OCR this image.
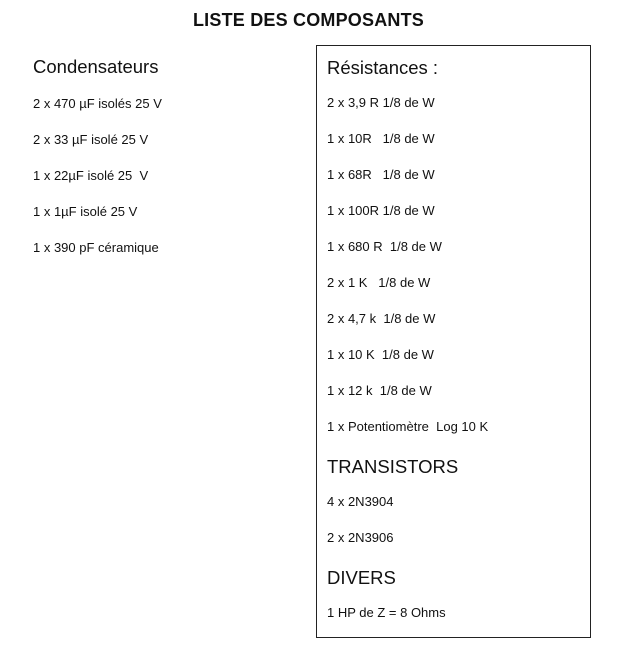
LISTE DES COMPOSANTS
Condensateurs
2 x 470 µF isolés 25 V
2 x 33 µF isolé 25 V
1 x 22µF isolé 25  V
1 x 1µF isolé 25 V
1 x 390 pF céramique
Résistances :
2 x 3,9 R 1/8 de W
1 x 10R   1/8 de W
1 x 68R   1/8 de W
1 x 100R 1/8 de W
1 x 680 R  1/8 de W
2 x 1 K   1/8 de W
2 x 4,7 k  1/8 de W
1 x 10 K  1/8 de W
1 x 12 k  1/8 de W
1 x Potentiomètre  Log 10 K
TRANSISTORS
4 x 2N3904
2 x 2N3906
DIVERS
1 HP de Z = 8 Ohms
